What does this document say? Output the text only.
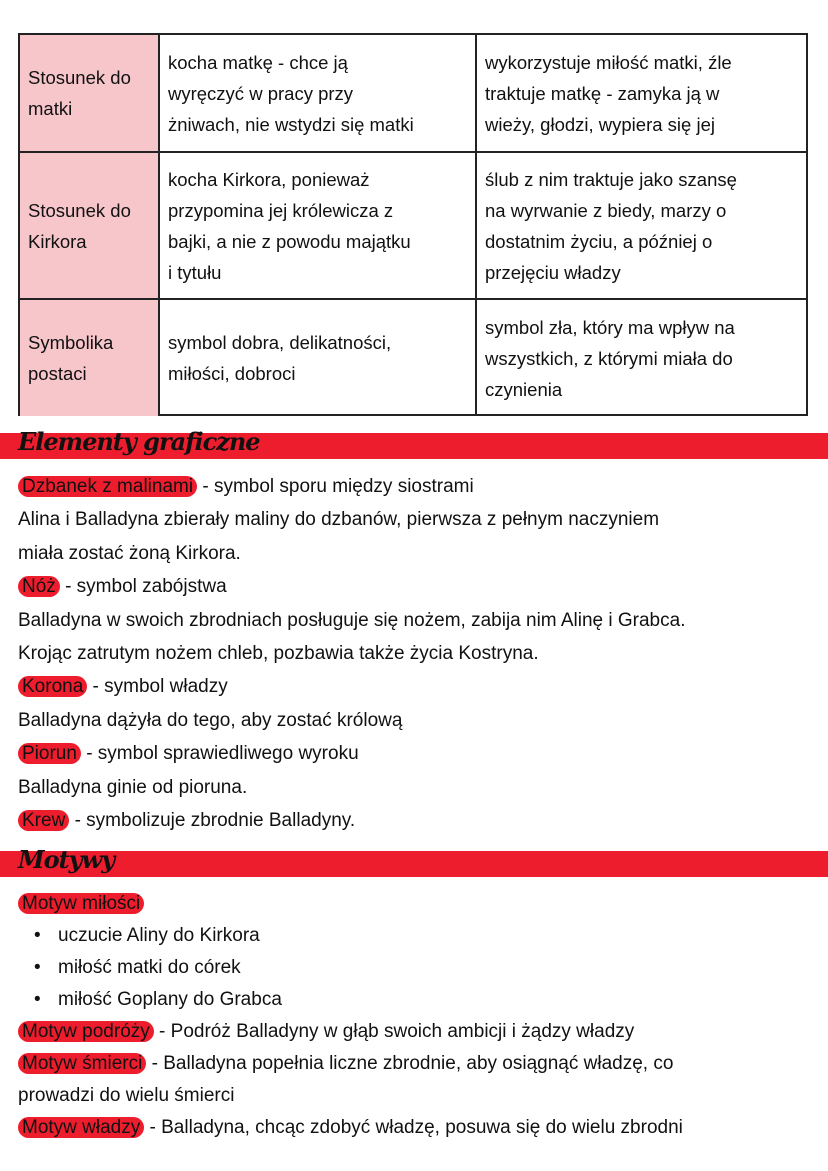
Stosunek do
matki
kocha matkę - chce ją
wyręczyć w pracy przy
żniwach, nie wstydzi się matki
wykorzystuje miłość matki, źle
traktuje matkę - zamyka ją w
wieży, głodzi, wypiera się jej
Stosunek do
Kirkora
kocha Kirkora, ponieważ
przypomina jej królewicza z
bajki, a nie z powodu majątku
i tytułu
ślub z nim traktuje jako szansę
na wyrwanie z biedy, marzy o
dostatnim życiu, a później o
przejęciu władzy
Symbolika
postaci
symbol dobra, delikatności,
miłości, dobroci
symbol zła, który ma wpływ na
wszystkich, z którymi miała do
czynienia
Elementy graficzne
Dzbanek z malinami - symbol sporu między siostrami
Alina i Balladyna zbierały maliny do dzbanów, pierwsza z pełnym naczyniem
miała zostać żoną Kirkora.
Nóż - symbol zabójstwa
Balladyna w swoich zbrodniach posługuje się nożem, zabija nim Alinę i Grabca.
Krojąc zatrutym nożem chleb, pozbawia także życia Kostryna.
Korona - symbol władzy
Balladyna dążyła do tego, aby zostać królową
Piorun - symbol sprawiedliwego wyroku
Balladyna ginie od pioruna.
Krew - symbolizuje zbrodnie Balladyny.
Motywy
Motyw miłości
• uczucie Aliny do Kirkora
• miłość matki do córek
• miłość Goplany do Grabca
Motyw podróży - Podróż Balladyny w głąb swoich ambicji i żądzy władzy
Motyw śmierci - Balladyna popełnia liczne zbrodnie, aby osiągnąć władzę, co
prowadzi do wielu śmierci
Motyw władzy - Balladyna, chcąc zdobyć władzę, posuwa się do wielu zbrodni
